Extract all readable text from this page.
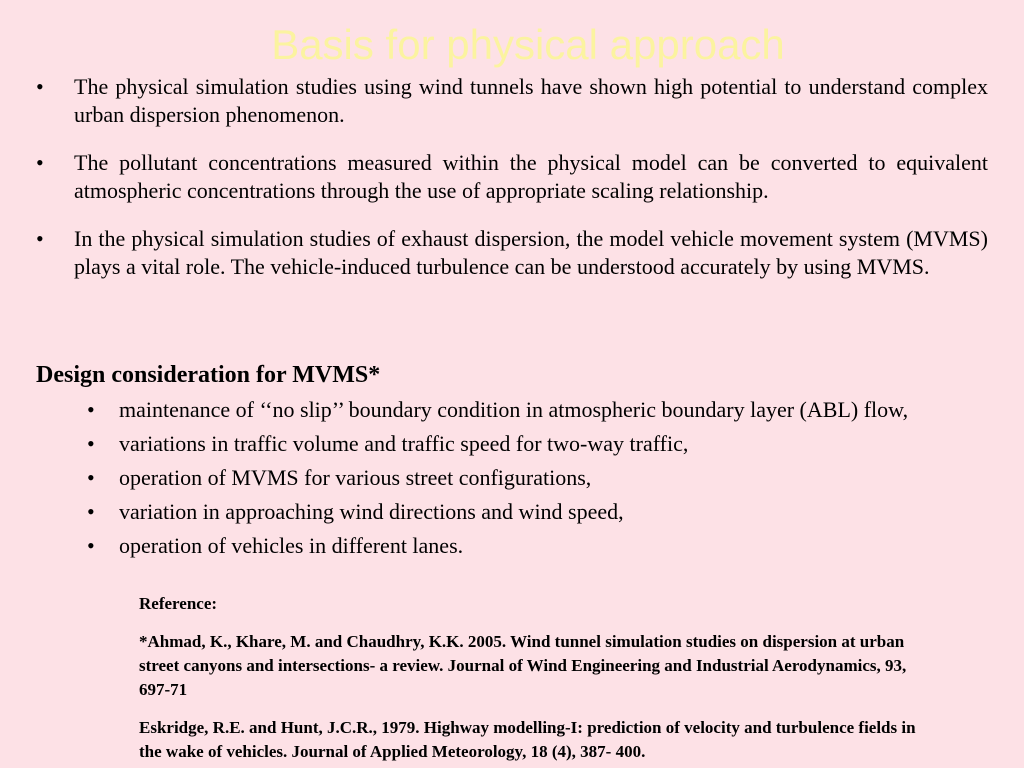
Basis for physical approach
• The physical simulation studies using wind tunnels have shown high potential to understand complex urban dispersion phenomenon.
• The pollutant concentrations measured within the physical model can be converted to equivalent atmospheric concentrations through the use of appropriate scaling relationship.
• In the physical simulation studies of exhaust dispersion, the model vehicle movement system (MVMS) plays a vital role. The vehicle-induced turbulence can be understood accurately by using MVMS.
Design consideration for MVMS*
• maintenance of ‘‘no slip’’ boundary condition in atmospheric boundary layer (ABL) flow,
• variations in traffic volume and traffic speed for two-way traffic,
• operation of MVMS for various street configurations,
• variation in approaching wind directions and wind speed,
• operation of vehicles in different lanes.

Reference:

*Ahmad, K., Khare, M. and Chaudhry, K.K. 2005. Wind tunnel simulation studies on dispersion at urban street canyons and intersections- a review. Journal of Wind Engineering and Industrial Aerodynamics, 93, 697-71

Eskridge, R.E. and Hunt, J.C.R., 1979. Highway modelling-I: prediction of velocity and turbulence fields in the wake of vehicles. Journal of Applied Meteorology, 18 (4), 387- 400.
